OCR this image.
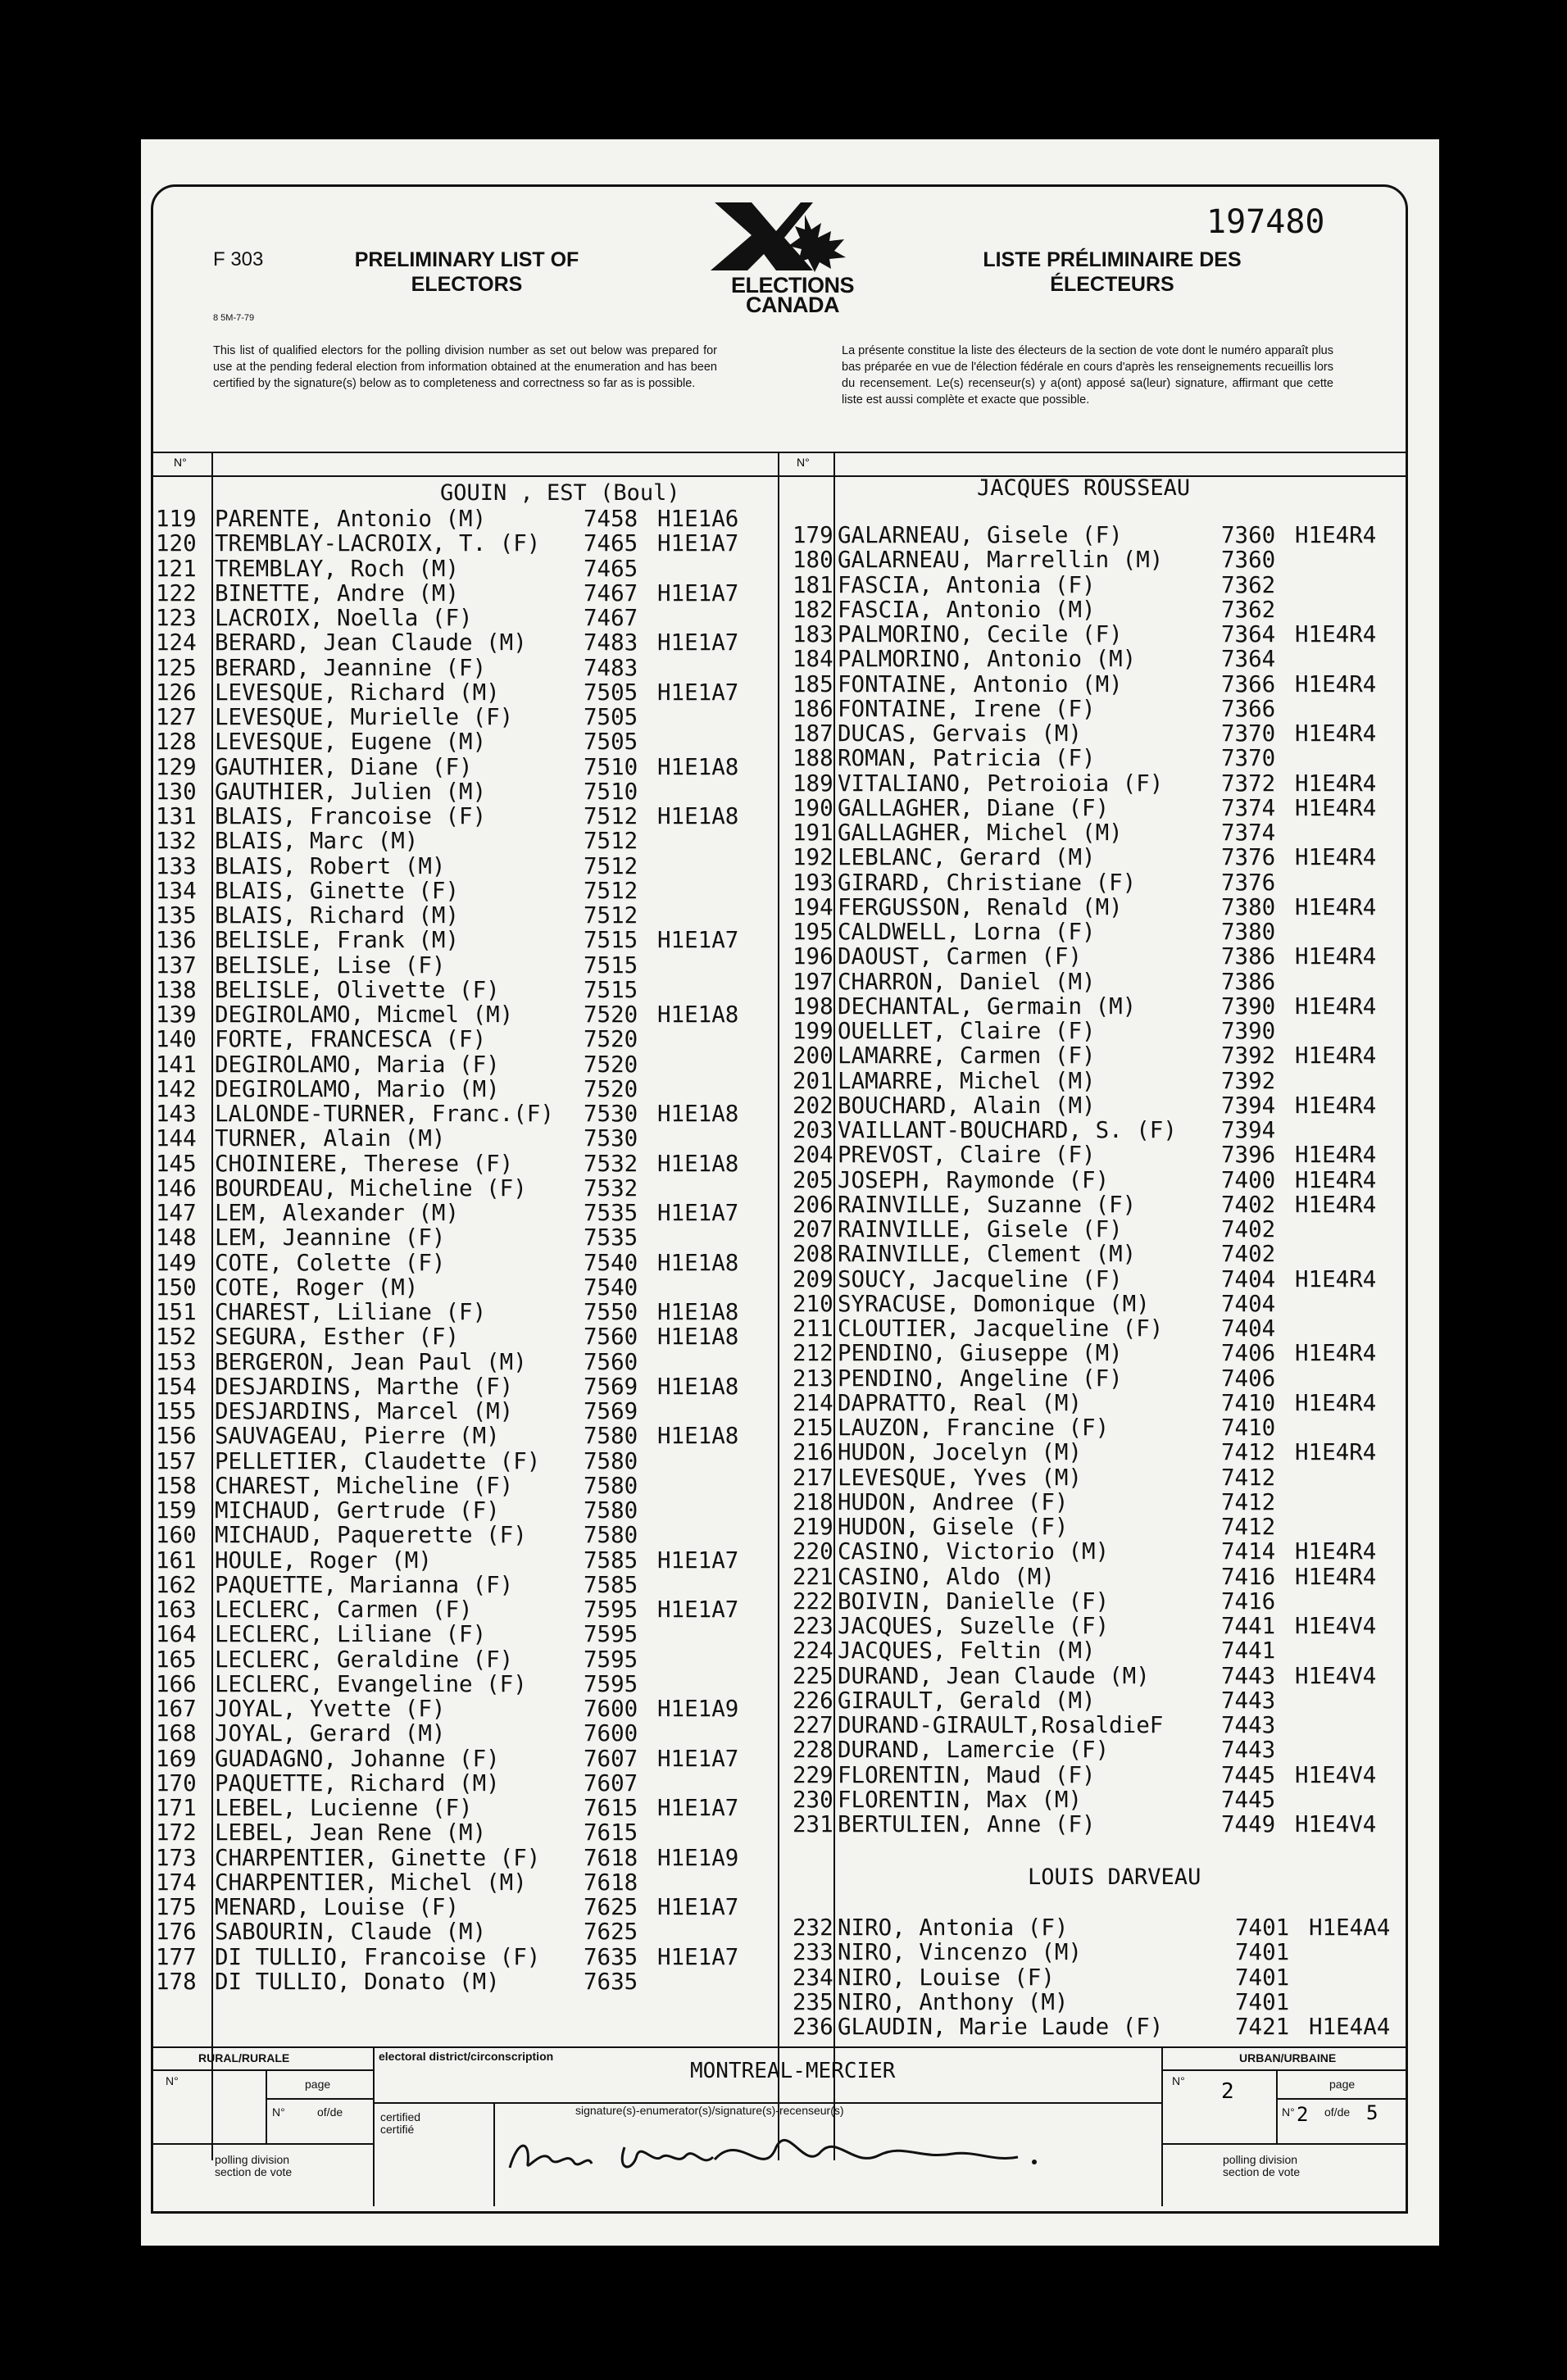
F 303
8 5M-7-79
PRELIMINARY LIST OF ELECTORS	ELECTIONS
CANADA
LISTE PRÉLIMINAIRE DES ÉLECTEURS
197480
This list of qualified electors for the polling division number as set out below was prepared for use at the pending federal election from information obtained at the enumeration and has been certified by the signature(s) below as to completeness and correctness so far as is possible.
La présente constitue la liste des électeurs de la section de vote dont le numéro apparaît plus bas préparée en vue de l'élection fédérale en cours d'après les renseignements recueillis lors du recensement. Le(s) recenseur(s) y a(ont) apposé sa(leur) signature, affirmant que cette liste est aussi complète et exacte que possible.
N°	N°
GOUIN , EST (Boul)	JACQUES ROUSSEAU
LOUIS DARVEAU
119 PARENTE, Antonio (M)	7458 H1E1A6
120 TREMBLAY-LACROIX, T. (F) 7465 H1E1A7
121 TREMBLAY, Roch (M)	7465
122 BINETTE, Andre (M)	7467 H1E1A7
123 LACROIX, Noella (F)	7467
124 BERARD, Jean Claude (M)	7483 H1E1A7
125 BERARD, Jeannine (F)	7483
126 LEVESQUE, Richard (M)	7505 H1E1A7
127 LEVESQUE, Murielle (F)	7505
128 LEVESQUE, Eugene (M)	7505
129 GAUTHIER, Diane (F)	7510 H1E1A8
130 GAUTHIER, Julien (M)	7510
131 BLAIS, Francoise (F)	7512 H1E1A8
132 BLAIS, Marc (M)	7512
133 BLAIS, Robert (M)	7512
134 BLAIS, Ginette (F)	7512
135 BLAIS, Richard (M)	7512
136 BELISLE, Frank (M)	7515 H1E1A7
137 BELISLE, Lise (F)	7515
138 BELISLE, Olivette (F)	7515
139 DEGIROLAMO, Micmel (M)	7520 H1E1A8
140 FORTE, FRANCESCA (F)	7520
141 DEGIROLAMO, Maria (F)	7520
142 DEGIROLAMO, Mario (M)	7520
143 LALONDE-TURNER, Franc.(F) 7530 H1E1A8
144 TURNER, Alain (M)	7530
145 CHOINIERE, Therese (F)	7532 H1E1A8
146 BOURDEAU, Micheline (F)	7532
147 LEM, Alexander (M)	7535 H1E1A7
148 LEM, Jeannine (F)	7535
149 COTE, Colette (F)	7540 H1E1A8
150 COTE, Roger (M)	7540
151 CHAREST, Liliane (F)	7550 H1E1A8
152 SEGURA, Esther (F)	7560 H1E1A8
153 BERGERON, Jean Paul (M)	7560
154 DESJARDINS, Marthe (F)	7569 H1E1A8
155 DESJARDINS, Marcel (M)	7569
156 SAUVAGEAU, Pierre (M)	7580 H1E1A8
157 PELLETIER, Claudette (F) 7580
158 CHAREST, Micheline (F)	7580
159 MICHAUD, Gertrude (F)	7580
160 MICHAUD, Paquerette (F)	7580
161 HOULE, Roger (M)	7585 H1E1A7
162 PAQUETTE, Marianna (F)	7585
163 LECLERC, Carmen (F)	7595 H1E1A7
164 LECLERC, Liliane (F)	7595
165 LECLERC, Geraldine (F)	7595
166 LECLERC, Evangeline (F)	7595
167 JOYAL, Yvette (F)	7600 H1E1A9
168 JOYAL, Gerard (M)	7600
169 GUADAGNO, Johanne (F)	7607 H1E1A7
170 PAQUETTE, Richard (M)	7607
171 LEBEL, Lucienne (F)	7615 H1E1A7
172 LEBEL, Jean Rene (M)	7615
173 CHARPENTIER, Ginette (F) 7618 H1E1A9
174 CHARPENTIER, Michel (M)	7618
175 MENARD, Louise (F)	7625 H1E1A7
176 SABOURIN, Claude (M)	7625
177 DI TULLIO, Francoise (F) 7635 H1E1A7
178 DI TULLIO, Donato (M)	7635
179 GALARNEAU, Gisele (F)	7360 H1E4R4
180 GALARNEAU, Marrellin (M)	7360
181 FASCIA, Antonia (F)	7362
182 FASCIA, Antonio (M)	7362
183 PALMORINO, Cecile (F)	7364 H1E4R4
184 PALMORINO, Antonio (M)	7364
185 FONTAINE, Antonio (M)	7366 H1E4R4
186 FONTAINE, Irene (F)	7366
187 DUCAS, Gervais (M)	7370 H1E4R4
188 ROMAN, Patricia (F)	7370
189 VITALIANO, Petroioia (F)	7372 H1E4R4
190 GALLAGHER, Diane (F)	7374 H1E4R4
191 GALLAGHER, Michel (M)	7374
192 LEBLANC, Gerard (M)	7376 H1E4R4
193 GIRARD, Christiane (F)	7376
194 FERGUSSON, Renald (M)	7380 H1E4R4
195 CALDWELL, Lorna (F)	7380
196 DAOUST, Carmen (F)	7386 H1E4R4
197 CHARRON, Daniel (M)	7386
198 DECHANTAL, Germain (M)	7390 H1E4R4
199 OUELLET, Claire (F)	7390
200 LAMARRE, Carmen (F)	7392 H1E4R4
201 LAMARRE, Michel (M)	7392
202 BOUCHARD, Alain (M)	7394 H1E4R4
203 VAILLANT-BOUCHARD, S. (F) 7394
204 PREVOST, Claire (F)	7396 H1E4R4
205 JOSEPH, Raymonde (F)	7400 H1E4R4
206 RAINVILLE, Suzanne (F)	7402 H1E4R4
207 RAINVILLE, Gisele (F)	7402
208 RAINVILLE, Clement (M)	7402
209 SOUCY, Jacqueline (F)	7404 H1E4R4
210 SYRACUSE, Domonique (M)	7404
211 CLOUTIER, Jacqueline (F)	7404
212 PENDINO, Giuseppe (M)	7406 H1E4R4
213 PENDINO, Angeline (F)	7406
214 DAPRATTO, Real (M)	7410 H1E4R4
215 LAUZON, Francine (F)	7410
216 HUDON, Jocelyn (M)	7412 H1E4R4
217 LEVESQUE, Yves (M)	7412
218 HUDON, Andree (F)	7412
219 HUDON, Gisele (F)	7412
220 CASINO, Victorio (M)	7414 H1E4R4
221 CASINO, Aldo (M)	7416 H1E4R4
222 BOIVIN, Danielle (F)	7416
223 JACQUES, Suzelle (F)	7441 H1E4V4
224 JACQUES, Feltin (M)	7441
225 DURAND, Jean Claude (M)	7443 H1E4V4
226 GIRAULT, Gerald (M)	7443
227 DURAND-GIRAULT,RosaldieF	7443
228 DURAND, Lamercie (F)	7443
229 FLORENTIN, Maud (F)	7445 H1E4V4
230 FLORENTIN, Max (M)	7445
231 BERTULIEN, Anne (F)	7449 H1E4V4
232 NIRO, Antonia (F)	7401 H1E4A4
233 NIRO, Vincenzo (M)	7401
234 NIRO, Louise (F)	7401
235 NIRO, Anthony (M)	7401
236 GLAUDIN, Marie Laude (F)	7421 H1E4A4
RURAL/RURALE
N°	page
N°	of/de
polling division
section de vote
electoral district/circonscription
MONTREAL-MERCIER
signature(s)-enumerator(s)/signature(s)-recenseur(s)
certified
certifié
URBAN/URBAINE
N° 2	page
N° 2 of/de 5
polling division
section de vote
